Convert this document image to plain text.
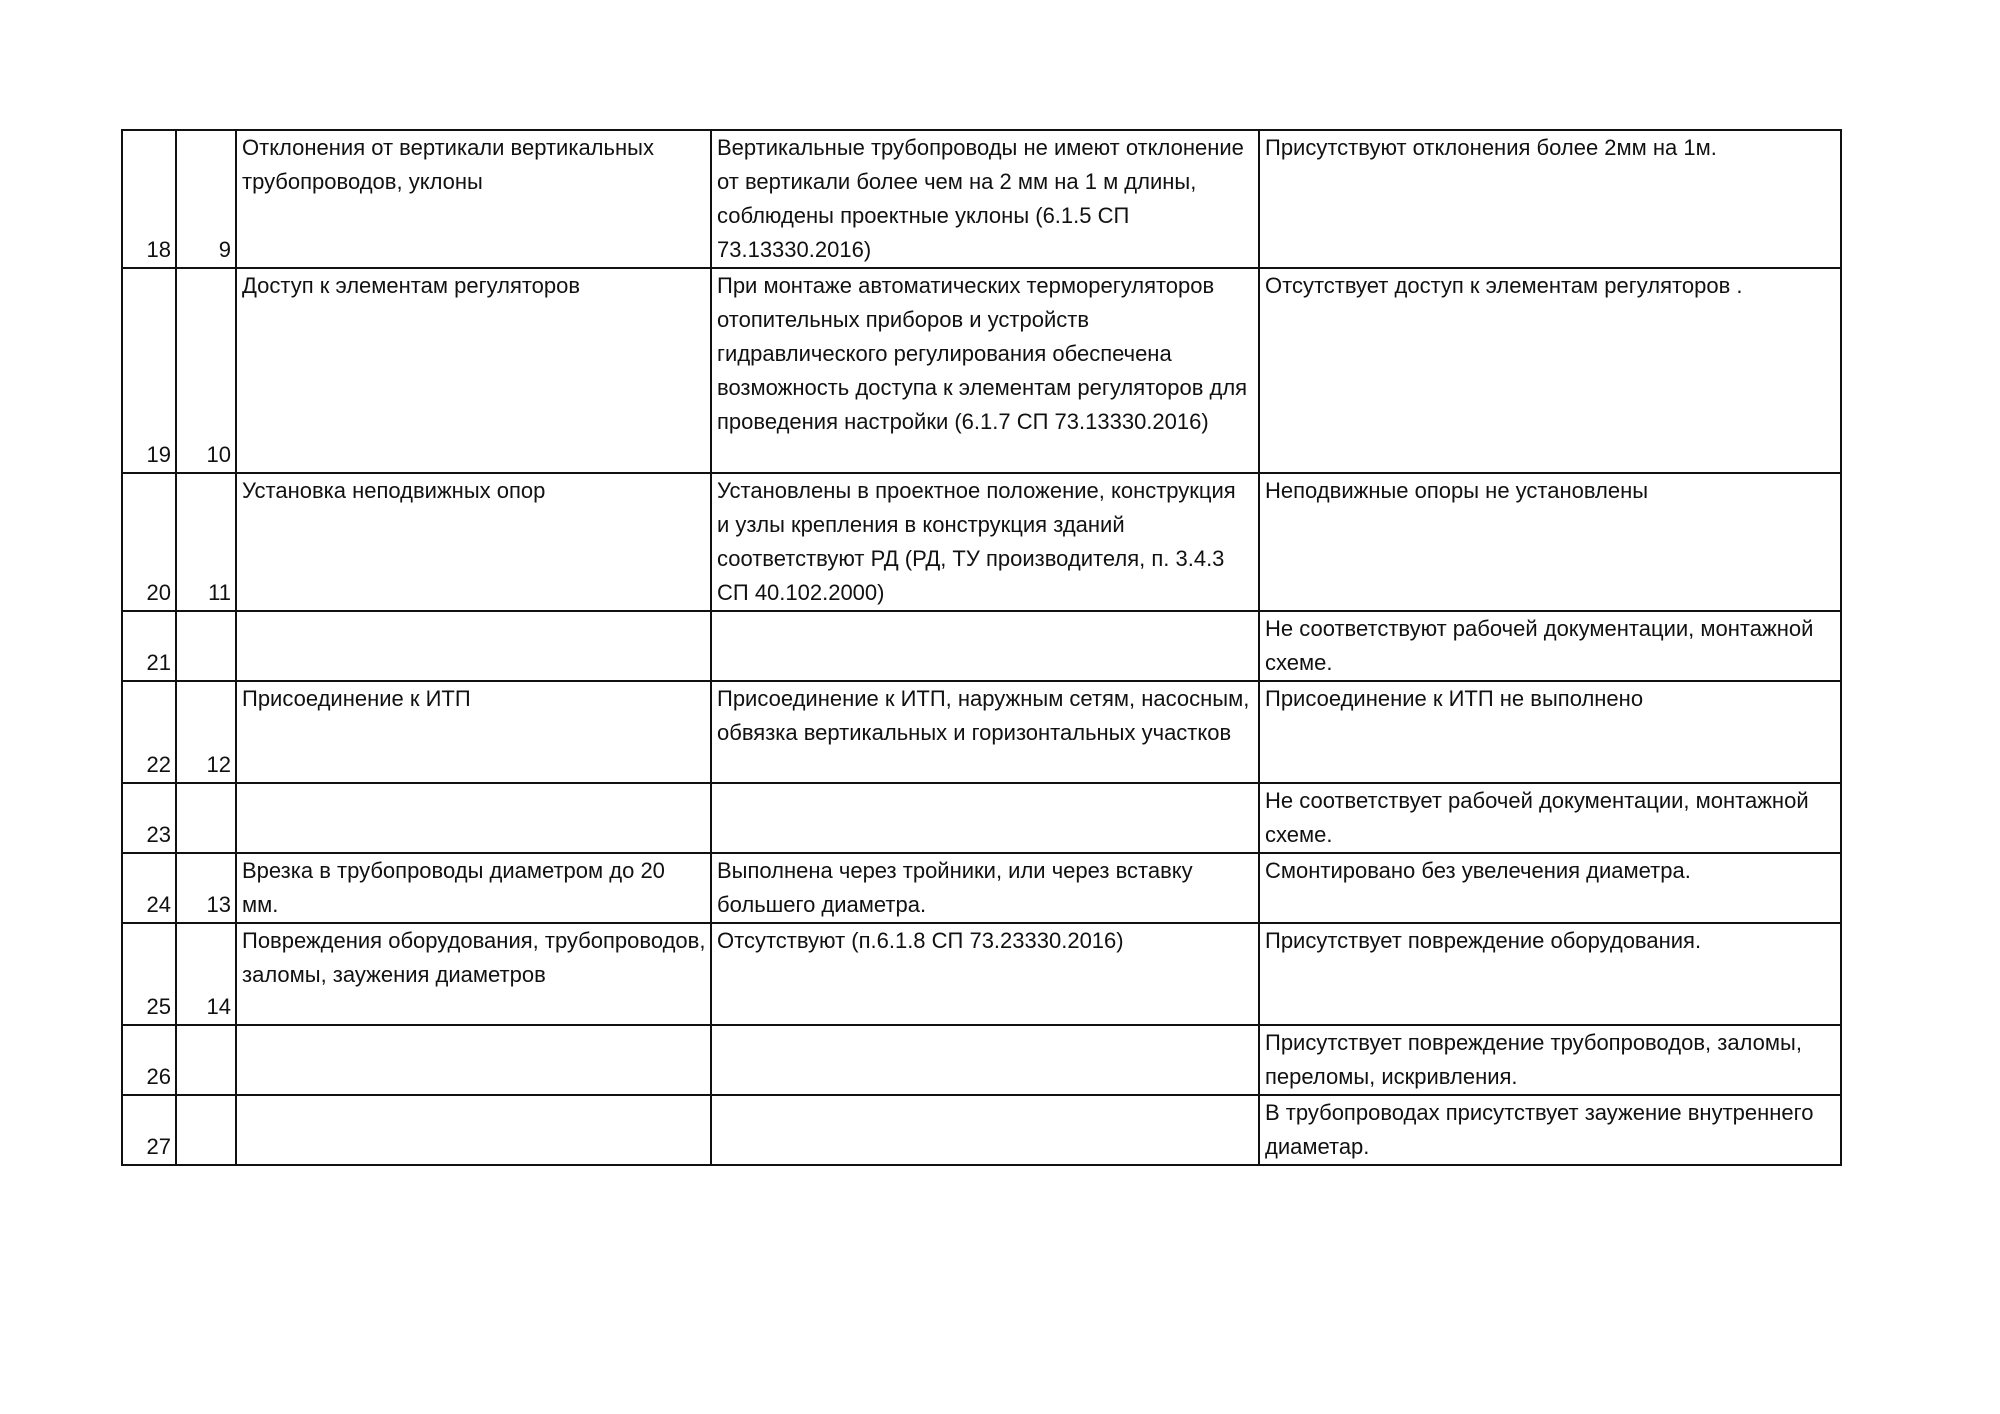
18	9	Отклонения от вертикали вертикальных трубопроводов, уклоны	Вертикальные трубопроводы не имеют отклонение от вертикали более чем на 2 мм на 1 м длины, соблюдены проектные уклоны (6.1.5 СП 73.13330.2016)	Присутствуют отклонения более 2мм на 1м.
19	10	Доступ к элементам регуляторов	При монтаже автоматических терморегуляторов отопительных приборов и устройств гидравлического регулирования обеспечена возможность доступа к элементам регуляторов для проведения настройки (6.1.7 СП 73.13330.2016)	Отсутствует доступ к элементам регуляторов .
20	11	Установка неподвижных опор	Установлены в проектное положение, конструкция и узлы крепления в конструкция зданий соответствуют РД (РД, ТУ производителя, п. 3.4.3 СП 40.102.2000)	Неподвижные опоры не установлены
21				Не соответствуют рабочей документации, монтажной схеме.
22	12	Присоединение к ИТП	Присоединение к ИТП, наружным сетям, насосным, обвязка вертикальных и горизонтальных участков	Присоединение к ИТП не выполнено
23				Не соответствует рабочей документации, монтажной схеме.
24	13	Врезка в трубопроводы диаметром до 20 мм.	Выполнена через тройники, или через вставку большего диаметра.	Смонтировано без увелечения диаметра.
25	14	Повреждения оборудования, трубопроводов, заломы, заужения диаметров	Отсутствуют (п.6.1.8 СП 73.23330.2016)	Присутствует повреждение оборудования.
26				Присутствует повреждение трубопроводов, заломы, переломы, искривления.
27				В трубопроводах присутствует заужение внутреннего диаметар.
